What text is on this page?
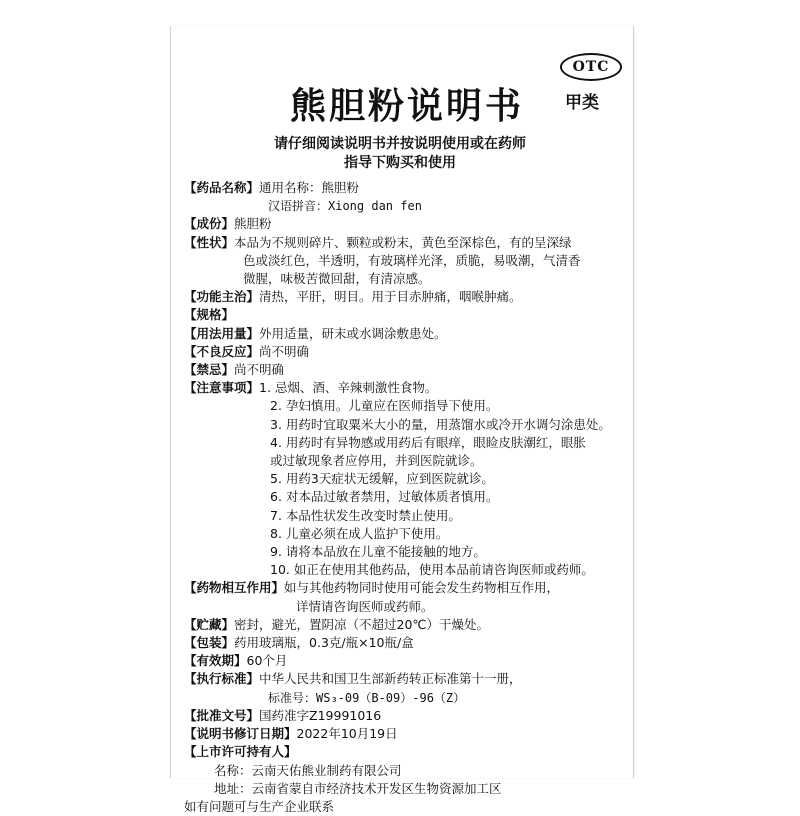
OTC
甲类
熊胆粉说明书
请仔细阅读说明书并按说明使用或在药师
指导下购买和使用
【药品名称】 通用名称：熊胆粉
汉语拼音：Xiong dan fen
【成份】 熊胆粉
【性状】 本品为不规则碎片、颗粒或粉末，黄色至深棕色，有的呈深绿
色或淡红色，半透明，有玻璃样光泽，质脆，易吸潮，气清香
微腥，味极苦微回甜，有清凉感。
【功能主治】 清热，平肝，明目。用于目赤肿痛，咽喉肿痛。
【规格】
【用法用量】 外用适量，研末或水调涂敷患处。
【不良反应】 尚不明确
【禁忌】 尚不明确
【注意事项】 1. 忌烟、酒、辛辣刺激性食物。
2. 孕妇慎用。儿童应在医师指导下使用。
3. 用药时宜取粟米大小的量，用蒸馏水或冷开水调匀涂患处。
4. 用药时有异物感或用药后有眼痒，眼睑皮肤潮红，眼胀
或过敏现象者应停用，并到医院就诊。
5. 用药3天症状无缓解，应到医院就诊。
6. 对本品过敏者禁用，过敏体质者慎用。
7. 本品性状发生改变时禁止使用。
8. 儿童必须在成人监护下使用。
9. 请将本品放在儿童不能接触的地方。
10. 如正在使用其他药品，使用本品前请咨询医师或药师。
【药物相互作用】 如与其他药物同时使用可能会发生药物相互作用，
详情请咨询医师或药师。
【贮藏】 密封，避光，置阴凉（不超过20℃）干燥处。
【包装】 药用玻璃瓶，0.3克/瓶×10瓶/盒
【有效期】 60个月
【执行标准】 中华人民共和国卫生部新药转正标准第十一册，
标准号：WS₃-09（B-09）-96（Z）
【批准文号】 国药准字Z19991016
【说明书修订日期】 2022年10月19日
【上市许可持有人】
名称：云南天佑熊业制药有限公司
地址：云南省蒙自市经济技术开发区生物资源加工区
如有问题可与生产企业联系
